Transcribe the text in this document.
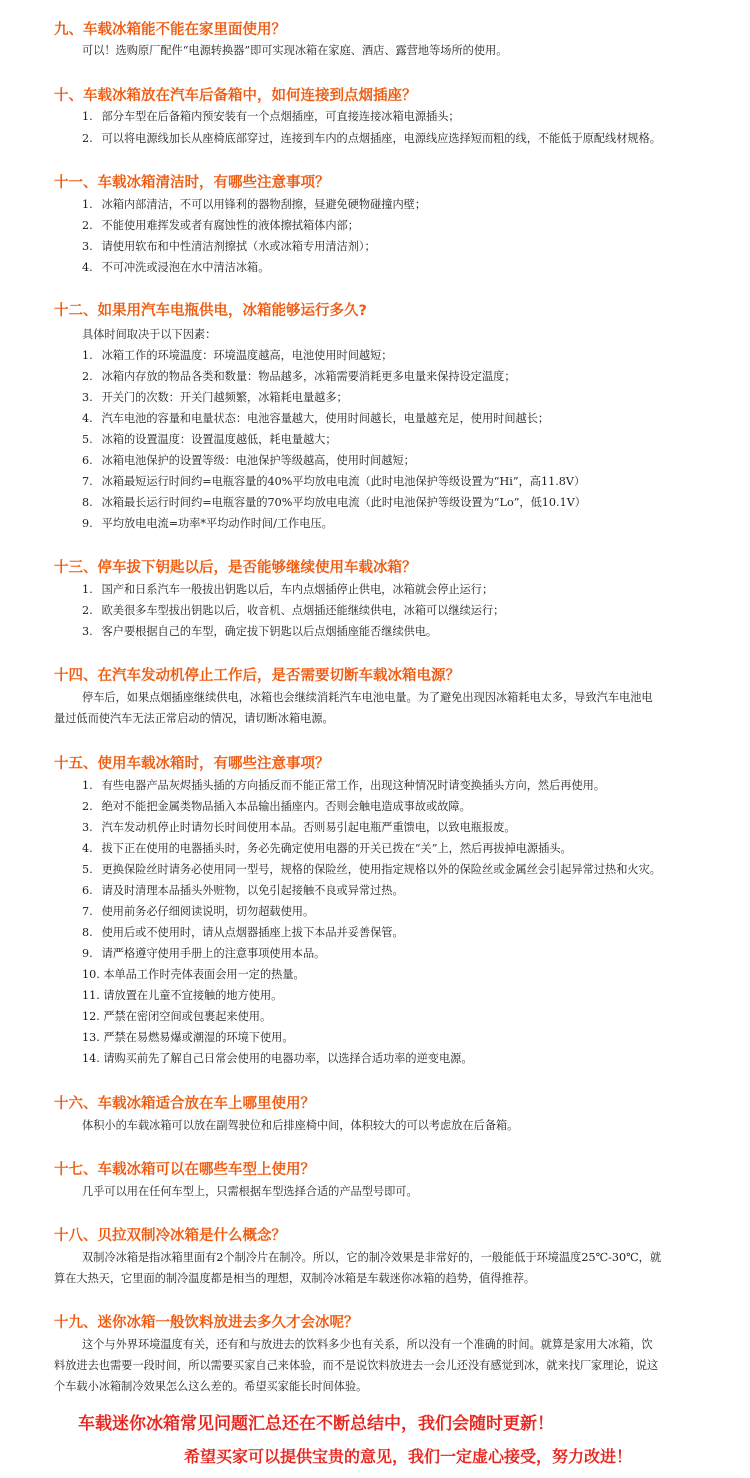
九、车载冰箱能不能在家里面使用？
可以！选购原厂配件“电源转换器”即可实现冰箱在家庭、酒店、露营地等场所的使用。
十、车载冰箱放在汽车后备箱中，如何连接到点烟插座？
1. 部分车型在后备箱内预安装有一个点烟插座，可直接连接冰箱电源插头；
2. 可以将电源线加长从座椅底部穿过，连接到车内的点烟插座，电源线应选择短而粗的线，不能低于原配线材规格。
十一、车载冰箱清洁时，有哪些注意事项？
1. 冰箱内部清洁，不可以用锋利的器物刮擦，昼避免硬物碰撞内壁；
2. 不能使用难挥发或者有腐蚀性的液体擦拭箱体内部；
3. 请使用软布和中性清洁剂擦拭（水或冰箱专用清洁剂）；
4. 不可冲洗或浸泡在水中清洁冰箱。
十二、如果用汽车电瓶供电，冰箱能够运行多久?
具体时间取决于以下因素：
1. 冰箱工作的环境温度：环境温度越高，电池使用时间越短；
2. 冰箱内存放的物品各类和数量：物品越多，冰箱需要消耗更多电量来保持设定温度；
3. 开关门的次数：开关门越频繁，冰箱耗电量越多；
4. 汽车电池的容量和电量状态：电池容量越大，使用时间越长，电量越充足，使用时间越长；
5. 冰箱的设置温度：设置温度越低，耗电量越大；
6. 冰箱电池保护的设置等级：电池保护等级越高，使用时间越短；
7. 冰箱最短运行时间约=电瓶容量的40%平均放电电流（此时电池保护等级设置为“Hi”，高11.8V）
8. 冰箱最长运行时间约=电瓶容量的70%平均放电电流（此时电池保护等级设置为“Lo”，低10.1V）
9. 平均放电电流=功率*平均动作时间/工作电压。
十三、停车拔下钥匙以后，是否能够继续使用车载冰箱？
1. 国产和日系汽车一般拔出钥匙以后，车内点烟插停止供电，冰箱就会停止运行；
2. 欧美很多车型拔出钥匙以后，收音机、点烟插还能继续供电，冰箱可以继续运行；
3. 客户要根据自己的车型，确定拔下钥匙以后点烟插座能否继续供电。
十四、在汽车发动机停止工作后，是否需要切断车载冰箱电源？
停车后，如果点烟插座继续供电，冰箱也会继续消耗汽车电池电量。为了避免出现因冰箱耗电太多，导致汽车电池电
量过低而使汽车无法正常启动的情况，请切断冰箱电源。
十五、使用车载冰箱时，有哪些注意事项？
1. 有些电器产品灰烬插头插的方向插反而不能正常工作，出现这种情况时请变换插头方向，然后再使用。
2. 绝对不能把金属类物品插入本品输出插座内。否则会触电造成事故或故障。
3. 汽车发动机停止时请勿长时间使用本品。否则易引起电瓶严重馈电，以致电瓶报废。
4. 拔下正在使用的电器插头时，务必先确定使用电器的开关已拨在“关”上，然后再拔掉电源插头。
5. 更换保险丝时请务必使用同一型号，规格的保险丝，使用指定规格以外的保险丝或金属丝会引起异常过热和火灾。
6. 请及时清理本品插头外赃物，以免引起接触不良或异常过热。
7. 使用前务必仔细阅读说明，切勿超载使用。
8. 使用后或不使用时，请从点烟器插座上拔下本品并妥善保管。
9. 请严格遵守使用手册上的注意事项使用本品。
10. 本单品工作时壳体表面会用一定的热量。
11. 请放置在儿童不宜接触的地方使用。
12. 严禁在密闭空间或包裹起来使用。
13. 严禁在易燃易爆或潮湿的环境下使用。
14. 请购买前先了解自己日常会使用的电器功率，以选择合适功率的逆变电源。
十六、车载冰箱适合放在车上哪里使用？
体积小的车载冰箱可以放在副驾驶位和后排座椅中间，体积较大的可以考虑放在后备箱。
十七、车载冰箱可以在哪些车型上使用？
几乎可以用在任何车型上，只需根据车型选择合适的产品型号即可。
十八、贝拉双制冷冰箱是什么概念？
双制冷冰箱是指冰箱里面有2个制冷片在制冷。所以，它的制冷效果是非常好的，一般能低于环境温度25℃-30℃，就
算在大热天，它里面的制冷温度都是相当的理想，双制冷冰箱是车载迷你冰箱的趋势，值得推荐。
十九、迷你冰箱一般饮料放进去多久才会冰呢？
这个与外界环境温度有关，还有和与放进去的饮料多少也有关系，所以没有一个准确的时间。就算是家用大冰箱，饮
料放进去也需要一段时间，所以需要买家自己来体验，而不是说饮料放进去一会儿还没有感觉到冰，就来找厂家理论，说这
个车载小冰箱制冷效果怎么这么差的。希望买家能长时间体验。
车载迷你冰箱常见问题汇总还在不断总结中，我们会随时更新！
希望买家可以提供宝贵的意见，我们一定虚心接受，努力改进！
